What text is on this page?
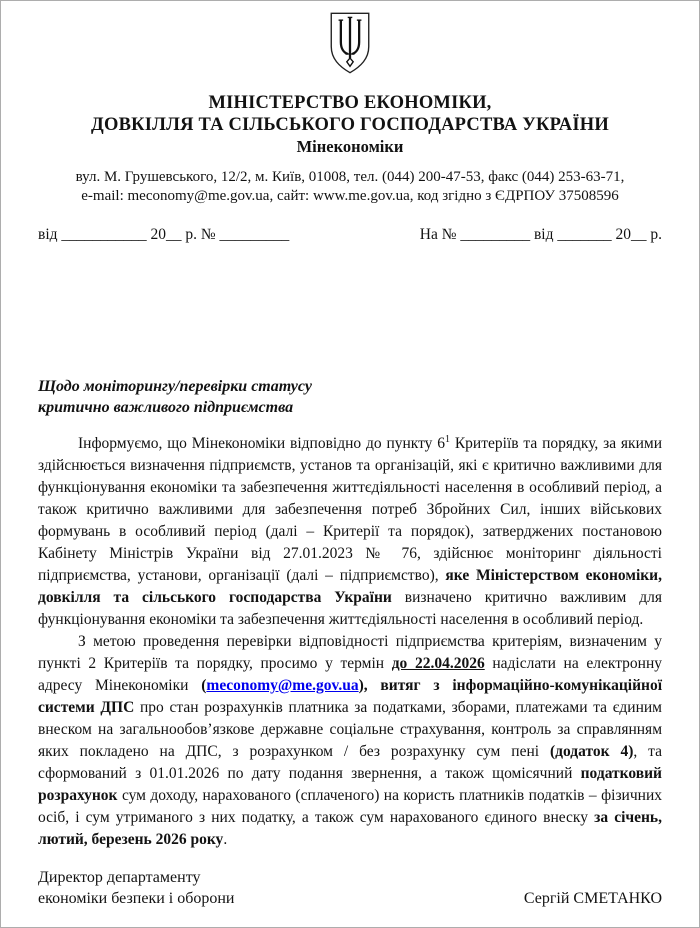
МІНІСТЕРСТВО ЕКОНОМІКИ,
ДОВКІЛЛЯ ТА СІЛЬСЬКОГО ГОСПОДАРСТВА УКРАЇНИ
Мінекономіки
вул. М. Грушевського, 12/2, м. Київ, 01008, тел. (044) 200-47-53, факс (044) 253-63-71,
e-mail: meconomy@me.gov.ua, сайт: www.me.gov.ua, код згідно з ЄДРПОУ 37508596
від ___________ 20__ р. № _________	На № _________ від _______ 20__ р.
Щодо моніторингу/перевірки статусу
критично важливого підприємства

Інформуємо, що Мінекономіки відповідно до пункту $6^1$ Критеріїв та порядку, за якими здійснюється визначення підприємств, установ та організацій, які є критично важливими для функціонування економіки та забезпечення життєдіяльності населення в особливий період, а також критично важливими для забезпечення потреб Збройних Сил, інших військових формувань в особливий період (далі – Критерії та порядок), затверджених постановою Кабінету Міністрів України від 27.01.2023 № 76, здійснює моніторинг діяльності підприємства, установи, організації (далі – підприємство), яке Міністерством економіки, довкілля та сільського господарства України визначено критично важливим для функціонування економіки та забезпечення життєдіяльності населення в особливий період.

З метою проведення перевірки відповідності підприємства критеріям, визначеним у пункті 2 Критеріїв та порядку, просимо у термін до 22.04.2026 надіслати на електронну адресу Мінекономіки (meconomy@me.gov.ua), витяг з інформаційно-комунікаційної системи ДПС про стан розрахунків платника за податками, зборами, платежами та єдиним внеском на загальнообов’язкове державне соціальне страхування, контроль за справлянням яких покладено на ДПС, з розрахунком / без розрахунку сум пені (додаток 4), та сформований з 01.01.2026 по дату подання звернення, а також щомісячний податковий розрахунок сум доходу, нарахованого (сплаченого) на користь платників податків – фізичних осіб, і сум утриманого з них податку, а також сум нарахованого єдиного внеску за січень, лютий, березень 2026 року.

Директор департаменту
економіки безпеки і оборони	Сергій СМЕТАНКО
